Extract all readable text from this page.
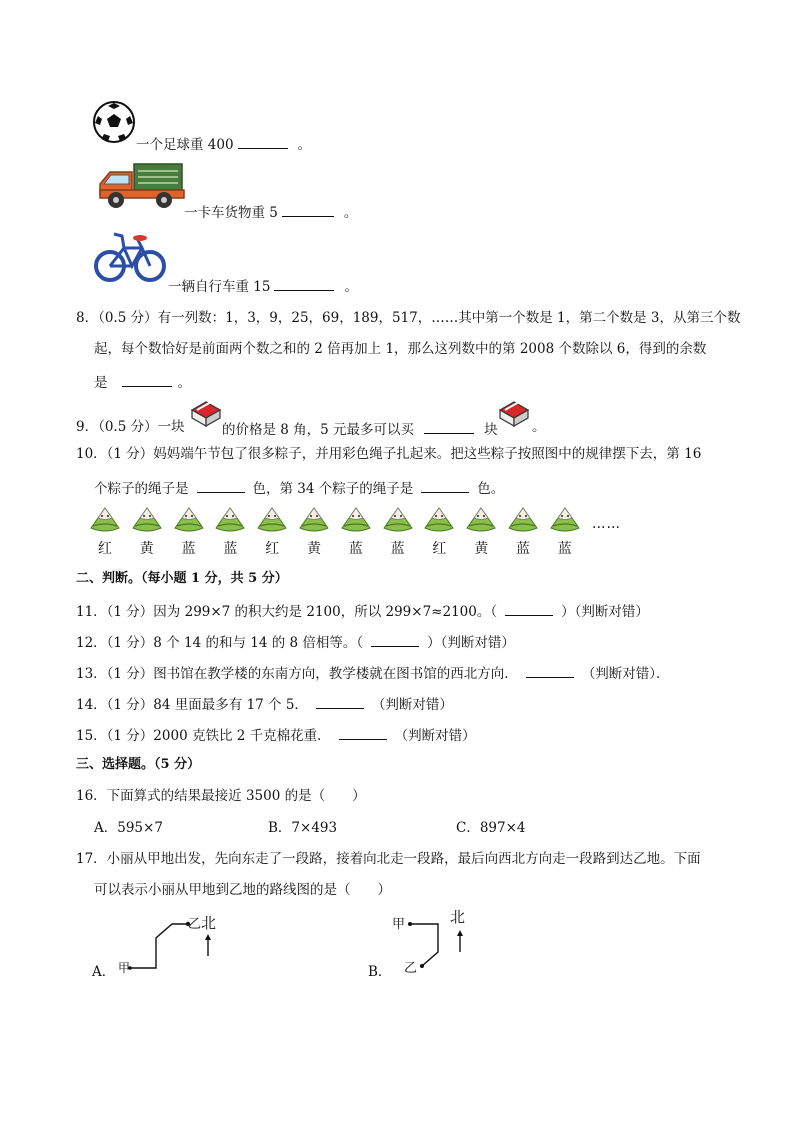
一个足球重 400	。
一卡车货物重 5	。
一辆自行车重 15	。
8．（0.5 分）有一列数：1，3，9，25，69，189，517，……其中第一个数是 1，第二个数是 3，从第三个数
起，每个数恰好是前面两个数之和的 2 倍再加上 1，那么这列数中的第 2008 个数除以 6，得到的余数
是	。
9．（0.5 分）一块	的价格是 8 角，5 元最多可以买	块	。
10．（1 分）妈妈端午节包了很多粽子，并用彩色绳子扎起来。把这些粽子按照图中的规律摆下去，第 16
个粽子的绳子是	色，第 34 个粽子的绳子是	色。
红	黄	蓝	蓝	红	黄	蓝	蓝	红	黄	蓝	蓝
……
二、判断。（每小题 1 分，共 5 分）
11．（1 分）因为 299×7 的积大约是 2100，所以 299×7≈2100。（	）（判断对错）
12．（1 分）8 个 14 的和与 14 的 8 倍相等。（	）（判断对错）
13．（1 分）图书馆在教学楼的东南方向，教学楼就在图书馆的西北方向．	（判断对错）．
14．（1 分）84 里面最多有 17 个 5．	（判断对错）
15．（1 分）2000 克铁比 2 千克棉花重．	（判断对错）
三、选择题。（5 分）
16．下面算式的结果最接近 3500 的是（　　）
A．595×7	B．7×493	C．897×4
17．小丽从甲地出发，先向东走了一段路，接着向北走一段路，最后向西北方向走一段路到达乙地。下面
可以表示小丽从甲地到乙地的路线图的是（　　）
A． 甲
乙 北
B．
甲
乙
北
